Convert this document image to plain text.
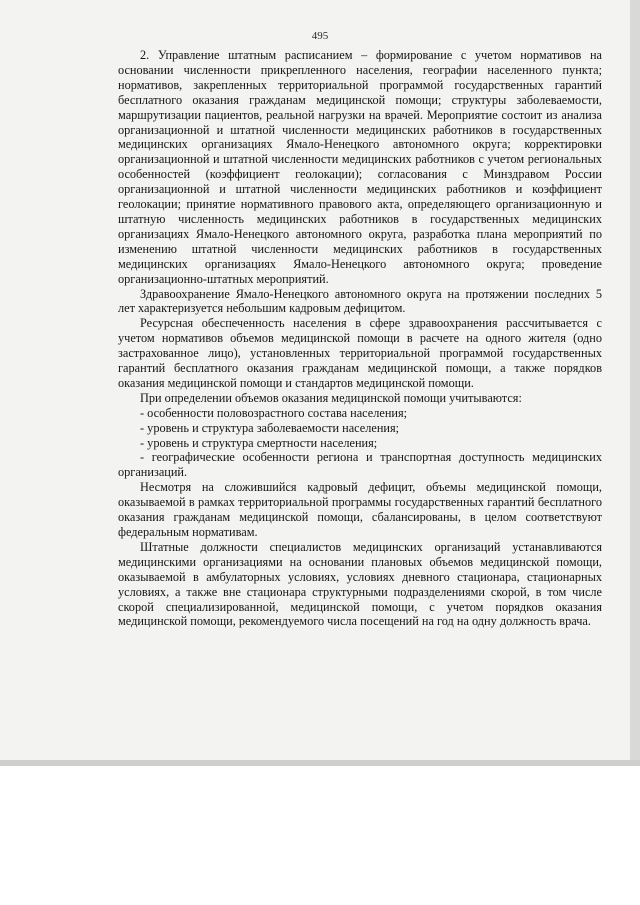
495

2. Управление штатным расписанием – формирование с учетом нормативов на основании численности прикрепленного населения, географии населенного пункта; нормативов, закрепленных территориальной программой государственных гарантий бесплатного оказания гражданам медицинской помощи; структуры заболеваемости, маршрутизации пациентов, реальной нагрузки на врачей. Мероприятие состоит из анализа организационной и штатной численности медицинских работников в государственных медицинских организациях Ямало-Ненецкого автономного округа; корректировки организационной и штатной численности медицинских работников с учетом региональных особенностей (коэффициент геолокации); согласования с Минздравом России организационной и штатной численности медицинских работников и коэффициент геолокации; принятие нормативного правового акта, определяющего организационную и штатную численность медицинских работников в государственных медицинских организациях Ямало-Ненецкого автономного округа, разработка плана мероприятий по изменению штатной численности медицинских работников в государственных медицинских организациях Ямало-Ненецкого автономного округа; проведение организационно-штатных мероприятий.

Здравоохранение Ямало-Ненецкого автономного округа на протяжении последних 5 лет характеризуется небольшим кадровым дефицитом.

Ресурсная обеспеченность населения в сфере здравоохранения рассчитывается с учетом нормативов объемов медицинской помощи в расчете на одного жителя (одно застрахованное лицо), установленных территориальной программой государственных гарантий бесплатного оказания гражданам медицинской помощи, а также порядков оказания медицинской помощи и стандартов медицинской помощи.

При определении объемов оказания медицинской помощи учитываются:

- особенности половозрастного состава населения;

- уровень и структура заболеваемости населения;

- уровень и структура смертности населения;

- географические особенности региона и транспортная доступность медицинских организаций.

Несмотря на сложившийся кадровый дефицит, объемы медицинской помощи, оказываемой в рамках территориальной программы государственных гарантий бесплатного оказания гражданам медицинской помощи, сбалансированы, в целом соответствуют федеральным нормативам.

Штатные должности специалистов медицинских организаций устанавливаются медицинскими организациями на основании плановых объемов медицинской помощи, оказываемой в амбулаторных условиях, условиях дневного стационара, стационарных условиях, а также вне стационара структурными подразделениями скорой, в том числе скорой специализированной, медицинской помощи, с учетом порядков оказания медицинской помощи, рекомендуемого числа посещений на год на одну должность врача.
